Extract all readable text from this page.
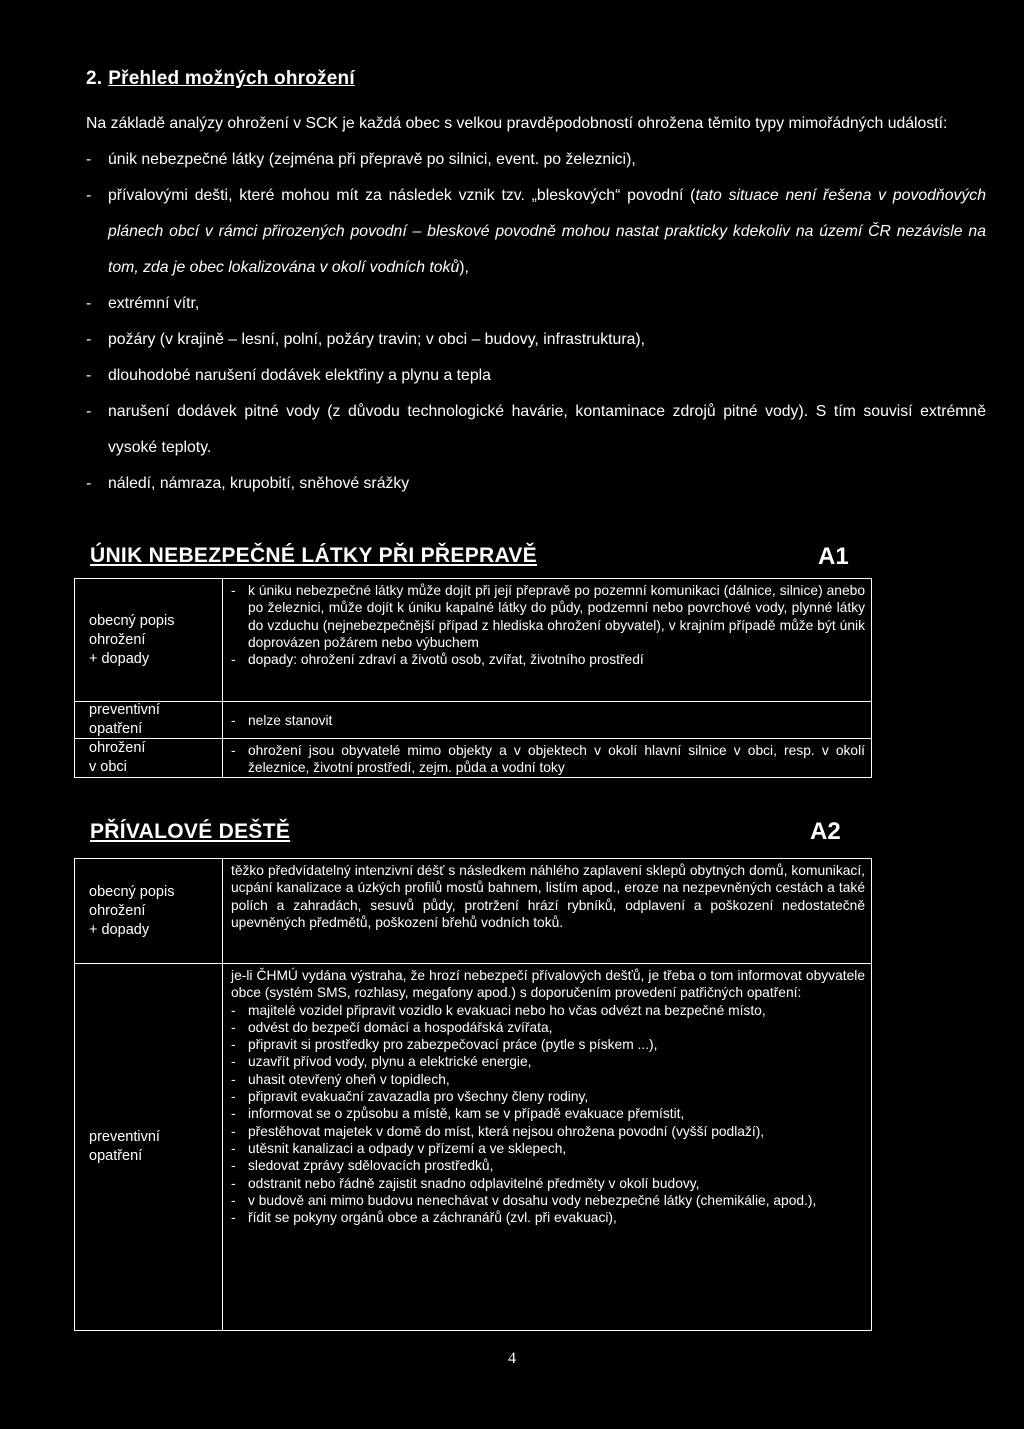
2. Přehled možných ohrožení

Na základě analýzy ohrožení v SCK je každá obec s velkou pravděpodobností ohrožena těmito typy mimořádných událostí:

- únik nebezpečné látky (zejména při přepravě po silnici, event. po železnici),
- přívalovými dešti, které mohou mít za následek vznik tzv. „bleskových“ povodní (tato situace není řešena v povodňových plánech obcí v rámci přirozených povodní – bleskové povodně mohou nastat prakticky kdekoliv na území ČR nezávisle na tom, zda je obec lokalizována v okolí vodních toků),
- extrémní vítr,
- požáry (v krajině – lesní, polní, požáry travin; v obci – budovy, infrastruktura),
- dlouhodobé narušení dodávek elektřiny a plynu a tepla
- narušení dodávek pitné vody (z důvodu technologické havárie, kontaminace zdrojů pitné vody). S tím souvisí extrémně vysoké teploty.
- náledí, námraza, krupobití, sněhové srážky
ÚNIK NEBEZPEČNÉ LÁTKY PŘI PŘEPRAVĚ	A1
obecný popis
ohrožení
+ dopady
- k úniku nebezpečné látky může dojít při její přepravě po pozemní komunikaci (dálnice, silnice) anebo po železnici, může dojít k úniku kapalné látky do půdy, podzemní nebo povrchové vody, plynné látky do vzduchu (nejnebezpečnější případ z hlediska ohrožení obyvatel), v krajním případě může být únik doprovázen požárem nebo výbuchem
- dopady: ohrožení zdraví a životů osob, zvířat, životního prostředí
preventivní
opatření
- nelze stanovit
ohrožení
v obci
- ohrožení jsou obyvatelé mimo objekty a v objektech v okolí hlavní silnice v obci, resp. v okolí železnice, životní prostředí, zejm. půda a vodní toky
PŘÍVALOVÉ DEŠTĚ	A2
obecný popis
ohrožení
+ dopady

těžko předvídatelný intenzivní déšť s následkem náhlého zaplavení sklepů obytných domů, komunikací, ucpání kanalizace a úzkých profilů mostů bahnem, listím apod., eroze na nezpevněných cestách a také polích a zahradách, sesuvů půdy, protržení hrází rybníků, odplavení a poškození nedostatečně upevněných předmětů, poškození břehů vodních toků.

preventivní
opatření

je-li ČHMÚ vydána výstraha, že hrozí nebezpečí přívalových dešťů, je třeba o tom informovat obyvatele obce (systém SMS, rozhlasy, megafony apod.) s doporučením provedení patřičných opatření:

- majitelé vozidel připravit vozidlo k evakuaci nebo ho včas odvézt na bezpečné místo,
- odvést do bezpečí domácí a hospodářská zvířata,
- připravit si prostředky pro zabezpečovací práce (pytle s pískem ...),
- uzavřít přívod vody, plynu a elektrické energie,
- uhasit otevřený oheň v topidlech,
- připravit evakuační zavazadla pro všechny členy rodiny,
- informovat se o způsobu a místě, kam se v případě evakuace přemístit,
- přestěhovat majetek v domě do míst, která nejsou ohrožena povodní (vyšší podlaží),
- utěsnit kanalizaci a odpady v přízemí a ve sklepech,
- sledovat zprávy sdělovacích prostředků,
- odstranit nebo řádně zajistit snadno odplavitelné předměty v okolí budovy,
- v budově ani mimo budovu nenechávat v dosahu vody nebezpečné látky (chemikálie, apod.),
- řídit se pokyny orgánů obce a záchranářů (zvl. při evakuaci),
4
